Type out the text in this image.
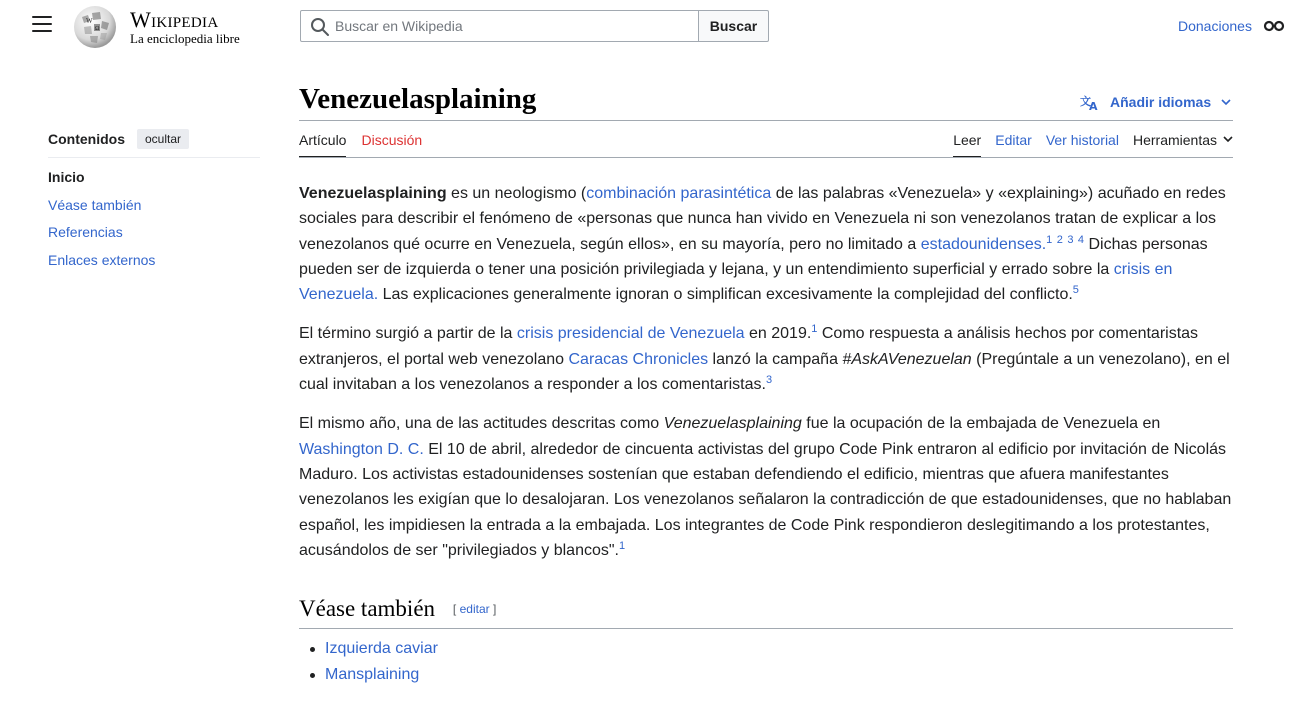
W
Ω Wikipedia
La enciclopedia libre
Buscar en Wikipedia
Buscar	Donaciones
Contenidos	ocultar
Inicio
Véase también
Referencias
Enlaces externos
Venezuelasplaining	文
A Añadir idiomas
Artículo Discusión	Leer Editar Ver historial Herramientas

Venezuelasplaining es un neologismo (combinación parasintética de las palabras «Venezuela» y «explaining») acuñado en redes sociales para describir el fenómeno de «personas que nunca han vivido en Venezuela ni son venezolanos tratan de explicar a los venezolanos qué ocurre en Venezuela, según ellos», en su mayoría, pero no limitado a estadounidenses.$^1$ $^2$ $^3$ $^4$ Dichas personas pueden ser de izquierda o tener una posición privilegiada y lejana, y un entendimiento superficial y errado sobre la crisis en Venezuela. Las explicaciones generalmente ignoran o simplifican excesivamente la complejidad del conflicto.$^5$

El término surgió a partir de la crisis presidencial de Venezuela en 2019.$^1$ Como respuesta a análisis hechos por comentaristas extranjeros, el portal web venezolano Caracas Chronicles lanzó la campaña #AskAVenezuelan (Pregúntale a un venezolano), en el cual invitaban a los venezolanos a responder a los comentaristas.$^3$

El mismo año, una de las actitudes descritas como Venezuelasplaining fue la ocupación de la embajada de Venezuela en Washington D. C. El 10 de abril, alrededor de cincuenta activistas del grupo Code Pink entraron al edificio por invitación de Nicolás Maduro. Los activistas estadounidenses sostenían que estaban defendiendo el edificio, mientras que afuera manifestantes venezolanos les exigían que lo desalojaran. Los venezolanos señalaron la contradicción de que estadounidenses, que no hablaban español, les impidiesen la entrada a la embajada. Los integrantes de Code Pink respondieron deslegitimando a los protestantes, acusándolos de ser "privilegiados y blancos".$^1$

Véase también [ editar ]
Izquierda caviar
Mansplaining
